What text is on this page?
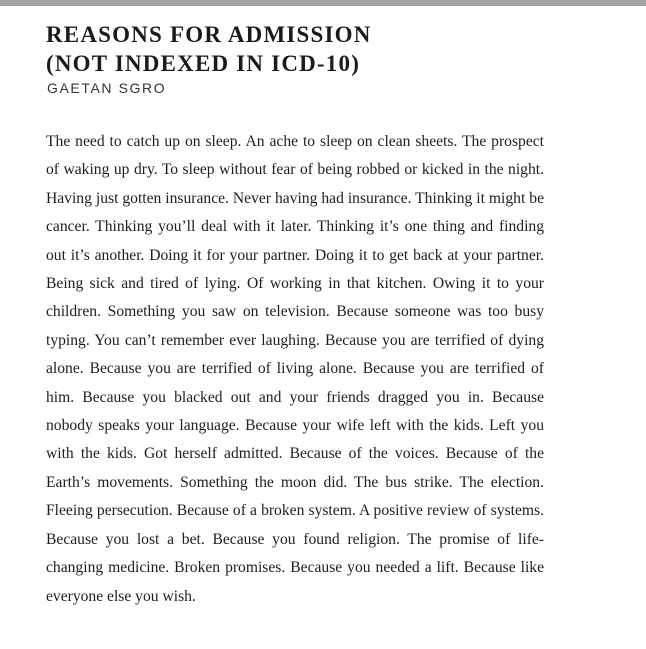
REASONS FOR ADMISSION
(NOT INDEXED IN ICD-10)
GAETAN SGRO

The need to catch up on sleep. An ache to sleep on clean sheets. The prospect of waking up dry. To sleep without fear of being robbed or kicked in the night. Having just gotten insurance. Never having had insurance. Thinking it might be cancer. Thinking you’ll deal with it later. Thinking it’s one thing and finding out it’s another. Doing it for your partner. Doing it to get back at your partner. Being sick and tired of lying. Of working in that kitchen. Owing it to your children. Something you saw on television. Because someone was too busy typing. You can’t remember ever laughing. Because you are terrified of dying alone. Because you are terrified of living alone. Because you are terrified of him. Because you blacked out and your friends dragged you in. Because nobody speaks your language. Because your wife left with the kids. Left you with the kids. Got herself admitted. Because of the voices. Because of the Earth’s movements. Something the moon did. The bus strike. The election. Fleeing persecution. Because of a broken system. A positive review of systems. Because you lost a bet. Because you found religion. The promise of life-changing medicine. Broken promises. Because you needed a lift. Because like everyone else you wish.
